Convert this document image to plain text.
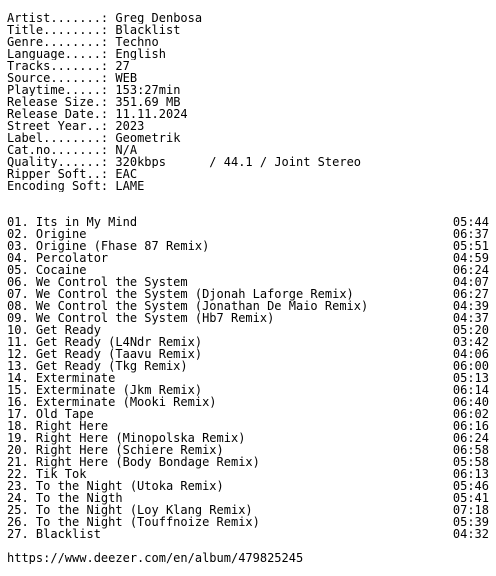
Artist.......: Greg Denbosa
Title........: Blacklist
Genre........: Techno
Language.....: English
Tracks.......: 27
Source.......: WEB
Playtime.....: 153:27min
Release Size.: 351.69 MB
Release Date.: 11.11.2024
Street Year..: 2023
Label........: Geometrik
Cat.no.......: N/A
Quality......: 320kbps      / 44.1 / Joint Stereo
Ripper Soft..: EAC
Encoding Soft: LAME
01. Its in My Mind	05:44
02. Origine	06:37
03. Origine (Fhase 87 Remix)	05:51
04. Percolator	04:59
05. Cocaine	06:24
06. We Control the System	04:07
07. We Control the System (Djonah Laforge Remix)	06:27
08. We Control the System (Jonathan De Maio Remix)	04:39
09. We Control the System (Hb7 Remix)	04:37
10. Get Ready	05:20
11. Get Ready (L4Ndr Remix)	03:42
12. Get Ready (Taavu Remix)	04:06
13. Get Ready (Tkg Remix)	06:00
14. Exterminate	05:13
15. Exterminate (Jkm Remix)	06:14
16. Exterminate (Mooki Remix)	06:40
17. Old Tape	06:02
18. Right Here	06:16
19. Right Here (Minopolska Remix)	06:24
20. Right Here (Schiere Remix)	06:58
21. Right Here (Body Bondage Remix)	05:58
22. Tik Tok	06:13
23. To the Night (Utoka Remix)	05:46
24. To the Nigth	05:41
25. To the Night (Loy Klang Remix)	07:18
26. To the Night (Touffnoize Remix)	05:39
27. Blacklist	04:32
https://www.deezer.com/en/album/479825245
